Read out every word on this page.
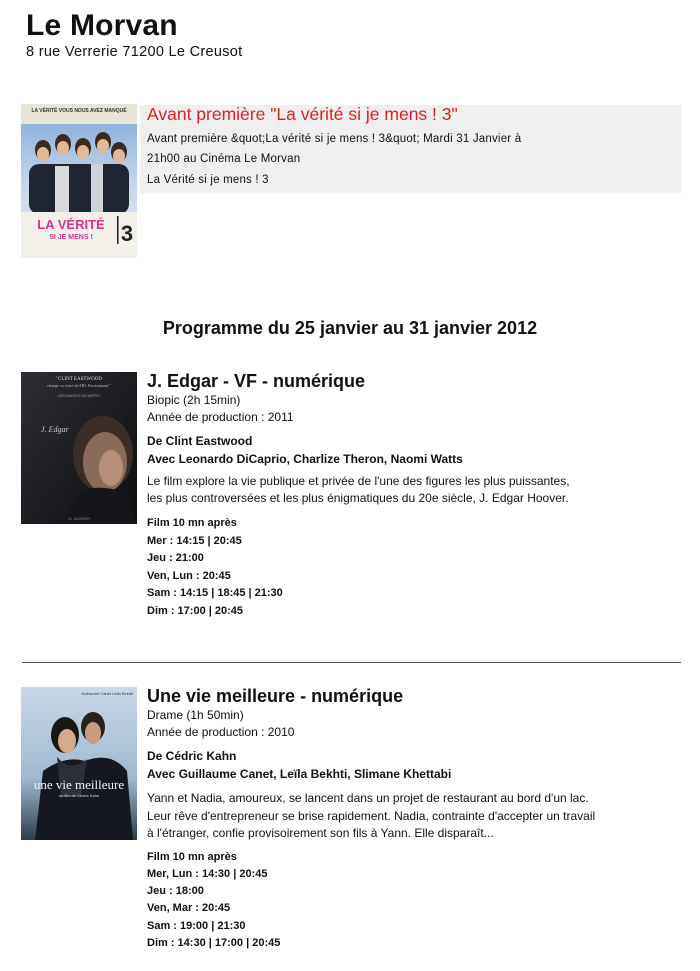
Le Morvan
8 rue Verrerie 71200 Le Creusot
LA VÉRITÉ VOUS NOUS AVEZ MANQUÉ
LA VÉRITÉ
SI JE MENS ! 3
Avant première "La vérité si je mens ! 3"
Avant première &quot;La vérité si je mens ! 3&quot; Mardi 31 Janvier à
21h00 au Cinéma Le Morvan
La Vérité si je mens ! 3
Programme du 25 janvier au 31 janvier 2012
"CLINT EASTWOOD
change sa veste de FBI. Passionnant."
LEONARDO DiCAPRIO
J. Edgar
11 JANVIER
J. Edgar - VF - numérique
Biopic (2h 15min)
Année de production : 2011
De Clint Eastwood
Avec Leonardo DiCaprio, Charlize Theron, Naomi Watts
Le film explore la vie publique et privée de l'une des figures les plus puissantes,
les plus controversées et les plus énigmatiques du 20e siècle, J. Edgar Hoover.
Film 10 mn après
Mer : 14:15 | 20:45
Jeu : 21:00
Ven, Lun : 20:45
Sam : 14:15 | 18:45 | 21:30
Dim : 17:00 | 20:45
Guillaume Canet Leïla Bekhti
une vie meilleure
un film de Cédric Kahn
Une vie meilleure - numérique
Drame (1h 50min)
Année de production : 2010
De Cédric Kahn
Avec Guillaume Canet, Leïla Bekhti, Slimane Khettabi
Yann et Nadia, amoureux, se lancent dans un projet de restaurant au bord d'un lac.
Leur rêve d'entrepreneur se brise rapidement. Nadia, contrainte d'accepter un travail
à l'étranger, confie provisoirement son fils à Yann. Elle disparaît...
Film 10 mn après
Mer, Lun : 14:30 | 20:45
Jeu : 18:00
Ven, Mar : 20:45
Sam : 19:00 | 21:30
Dim : 14:30 | 17:00 | 20:45
